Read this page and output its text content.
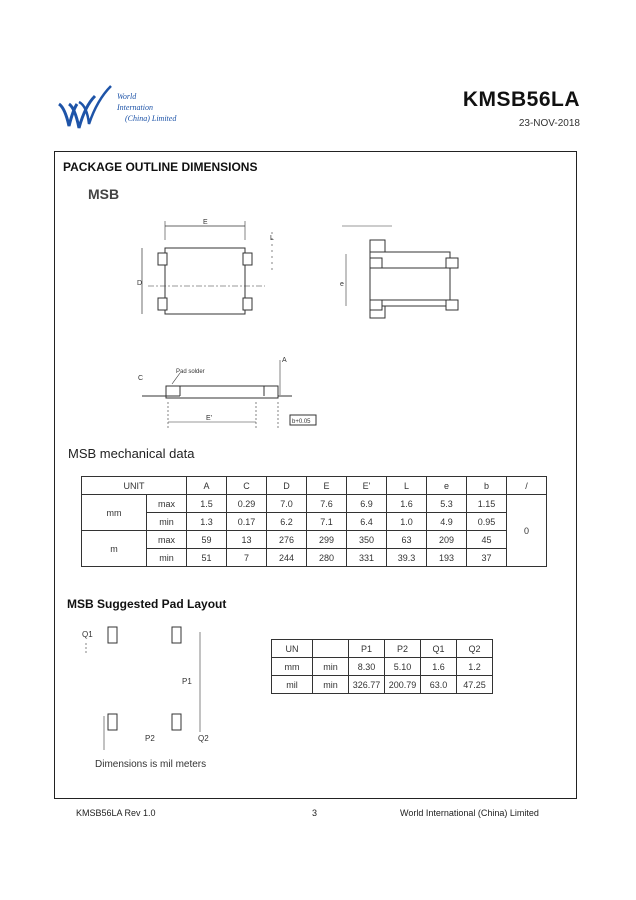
World
Internation
(China) Limited
KMSB56LA
23-NOV-2018
PACKAGE OUTLINE DIMENSIONS
MSB
E
D
L
e
C
Pad solder
E'
A
b+0.05
MSB mechanical data
UNIT		A	C	D	E	E'	L	e	b	/
mm	max	1.5	0.29	7.0	7.6	6.9	1.6	5.3	1.15	0
	min	1.3	0.17	6.2	7.1	6.4	1.0	4.9	0.95	
m	max	59	13	276	299	350	63	209	45	
	min	51	7	244	280	331	39.3	193	37	
MSB Suggested Pad Layout
Q1
P1
P2	Q2
UN		P1	P2	Q1	Q2
mm	min	8.30	5.10	1.6	1.2
mil	min	326.77	200.79	63.0	47.25
Dimensions is mil meters
KMSB56LA Rev 1.0	3	World International (China) Limited
